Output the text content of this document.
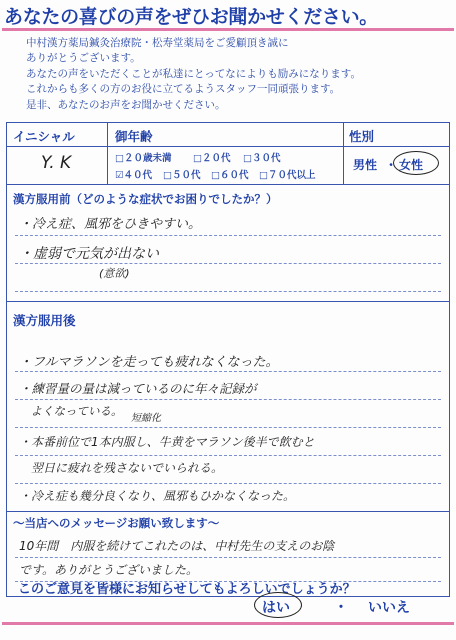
あなたの喜びの声をぜひお聞かせください。
中村漢方薬局鍼灸治療院・松寿堂薬局をご愛顧頂き誠に
ありがとうございます。
あなたの声をいただくことが私達にとってなによりも励みになります。
これからも多くの方のお役に立てるようスタッフ一同頑張ります。
是非、あなたのお声をお聞かせください。
イニシャル
Y. K
御年齢
□２０歳未満 □２０代 □３０代
☑４０代 □５０代 □６０代 □７０代以上
性別
男性 ・ 女性
漢方服用前（どのような症状でお困りでしたか？）
・冷え症、風邪をひきやすい。
・虚弱で元気が出ない
(意欲)
漢方服用後
・フルマラソンを走っても疲れなくなった。
・練習量の量は減っているのに年々記録が
　よくなっている。
短縮化
・本番前位で1本内服し、牛黄をマラソン後半で飲むと
　翌日に疲れを残さないでいられる。
・冷え症も幾分良くなり、風邪もひかなくなった。
〜当店へのメッセージお願い致します〜
10年間　内服を続けてこれたのは、中村先生の支えのお陰
です。ありがとうございました。
このご意見を皆様にお知らせしてもよろしいでしょうか？
はい	・ いいえ
